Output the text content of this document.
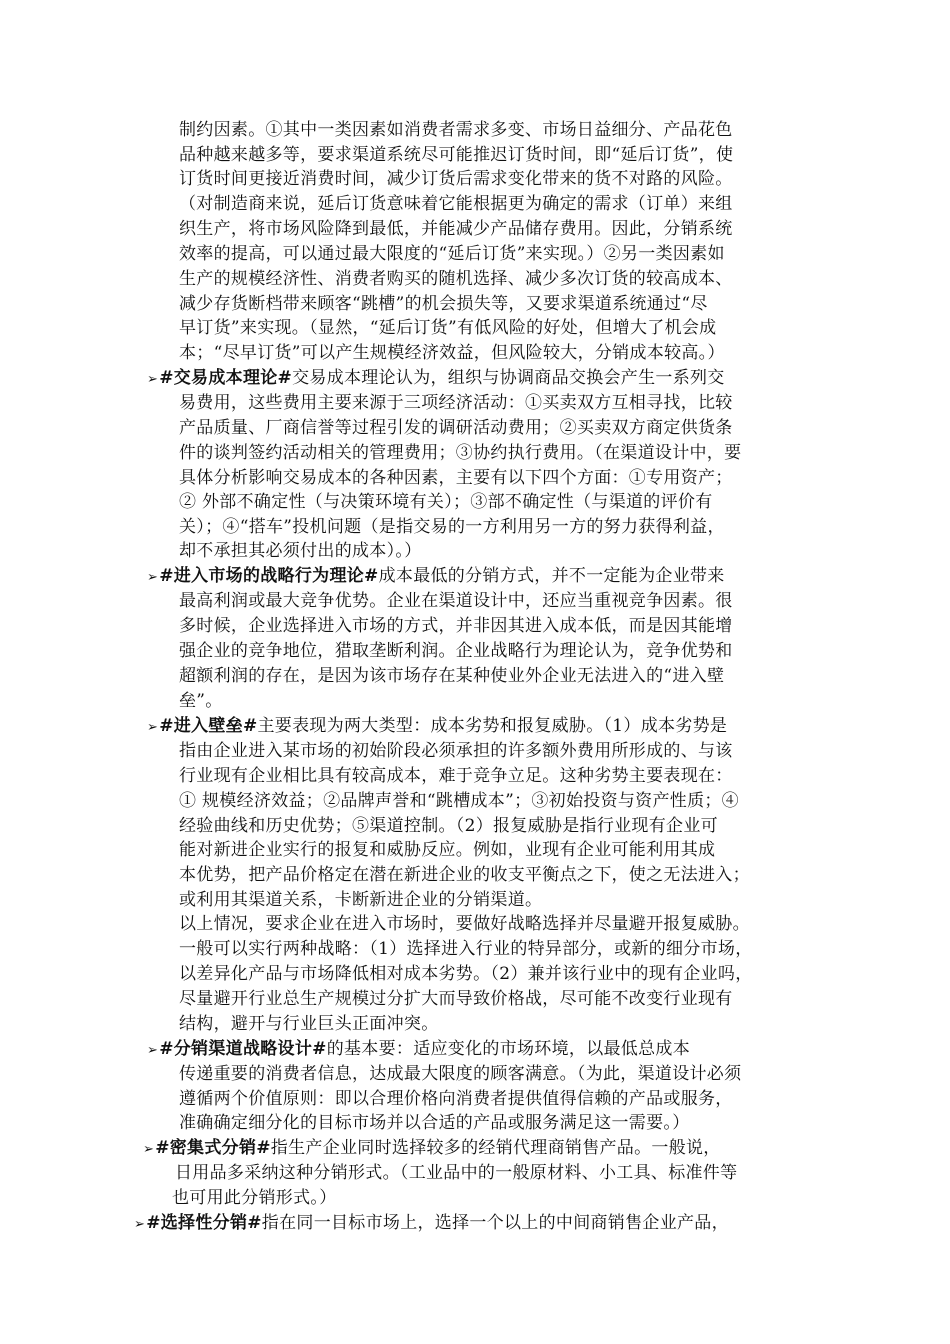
制约因素。①其中一类因素如消费者需求多变、市场日益细分、产品花色
品种越来越多等，要求渠道系统尽可能推迟订货时间，即“延后订货”，使
订货时间更接近消费时间，减少订货后需求变化带来的货不对路的风险。
（对制造商来说，延后订货意味着它能根据更为确定的需求（订单）来组
织生产，将市场风险降到最低，并能减少产品储存费用。因此，分销系统
效率的提高，可以通过最大限度的“延后订货”来实现。）②另一类因素如
生产的规模经济性、消费者购买的随机选择、减少多次订货的较高成本、
减少存货断档带来顾客“跳槽”的机会损失等，又要求渠道系统通过“尽
早订货”来实现。（显然，“延后订货”有低风险的好处，但增大了机会成
本；“尽早订货”可以产生规模经济效益，但风险较大，分销成本较高。）
➢#交易成本理论#交易成本理论认为，组织与协调商品交换会产生一系列交
易费用，这些费用主要来源于三项经济活动：①买卖双方互相寻找，比较
产品质量、厂商信誉等过程引发的调研活动费用；②买卖双方商定供货条
件的谈判签约活动相关的管理费用；③协约执行费用。（在渠道设计中，要
具体分析影响交易成本的各种因素，主要有以下四个方面：①专用资产；
② 外部不确定性（与决策环境有关）；③部不确定性（与渠道的评价有
关）；④“搭车”投机问题（是指交易的一方利用另一方的努力获得利益，
却不承担其必须付出的成本）。）
➢#进入市场的战略行为理论#成本最低的分销方式，并不一定能为企业带来
最高利润或最大竞争优势。企业在渠道设计中，还应当重视竞争因素。很
多时候，企业选择进入市场的方式，并非因其进入成本低，而是因其能增
强企业的竞争地位，猎取垄断利润。企业战略行为理论认为，竞争优势和
超额利润的存在，是因为该市场存在某种使业外企业无法进入的“进入壁
垒”。
➢#进入壁垒#主要表现为两大类型：成本劣势和报复威胁。（1）成本劣势是
指由企业进入某市场的初始阶段必须承担的许多额外费用所形成的、与该
行业现有企业相比具有较高成本，难于竞争立足。这种劣势主要表现在：
① 规模经济效益；②品牌声誉和“跳槽成本”；③初始投资与资产性质；④
经验曲线和历史优势；⑤渠道控制。（2）报复威胁是指行业现有企业可
能对新进企业实行的报复和威胁反应。例如，业现有企业可能利用其成
本优势，把产品价格定在潜在新进企业的收支平衡点之下，使之无法进入；
或利用其渠道关系，卡断新进企业的分销渠道。
以上情况，要求企业在进入市场时，要做好战略选择并尽量避开报复威胁。
一般可以实行两种战略：（1）选择进入行业的特异部分，或新的细分市场，
以差异化产品与市场降低相对成本劣势。（2）兼并该行业中的现有企业吗，
尽量避开行业总生产规模过分扩大而导致价格战，尽可能不改变行业现有
结构，避开与行业巨头正面冲突。
➢#分销渠道战略设计#的基本要：适应变化的市场环境，以最低总成本
传递重要的消费者信息，达成最大限度的顾客满意。（为此，渠道设计必须
遵循两个价值原则：即以合理价格向消费者提供值得信赖的产品或服务，
准确确定细分化的目标市场并以合适的产品或服务满足这一需要。）
➢#密集式分销#指生产企业同时选择较多的经销代理商销售产品。一般说，
日用品多采纳这种分销形式。（工业品中的一般原材料、小工具、标准件等
也可用此分销形式。）
➢#选择性分销#指在同一目标市场上，选择一个以上的中间商销售企业产品，
